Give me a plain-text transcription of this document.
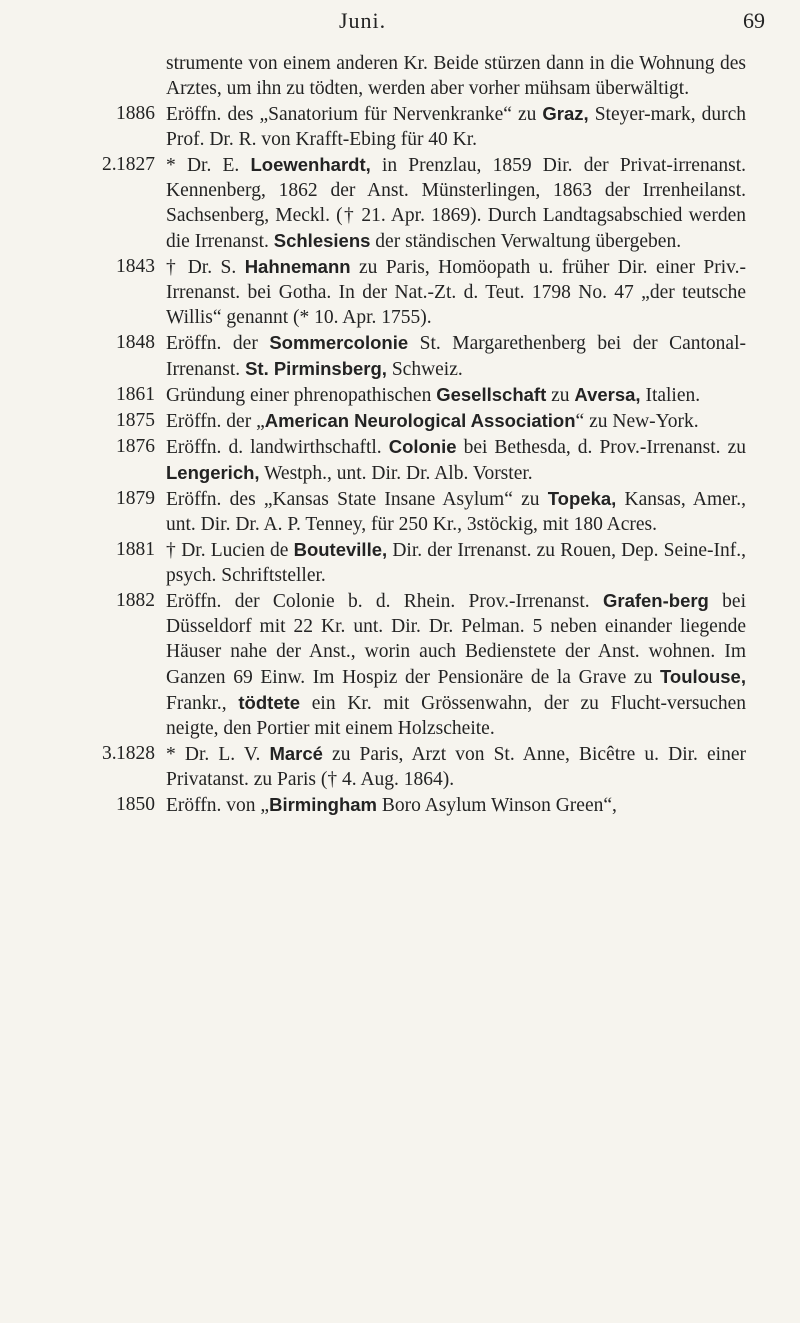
Juni.	69
strumente von einem anderen Kr. Beide stürzen dann in die Wohnung des Arztes, um ihn zu tödten, werden aber vorher mühsam überwältigt.
1886 Eröffn. des „Sanatorium für Nervenkranke“ zu Graz, Steyer-mark, durch Prof. Dr. R. von Krafft-Ebing für 40 Kr.
2. 1827 * Dr. E. Loewenhardt, in Prenzlau, 1859 Dir. der Privat-irrenanst. Kennenberg, 1862 der Anst. Münsterlingen, 1863 der Irrenheilanst. Sachsenberg, Meckl. († 21. Apr. 1869). Durch Landtagsabschied werden die Irrenanst. Schlesiens der ständischen Verwaltung übergeben.
1843 † Dr. S. Hahnemann zu Paris, Homöopath u. früher Dir. einer Priv.-Irrenanst. bei Gotha. In der Nat.-Zt. d. Teut. 1798 No. 47 „der teutsche Willis“ genannt (* 10. Apr. 1755).
1848 Eröffn. der Sommercolonie St. Margarethenberg bei der Cantonal-Irrenanst. St. Pirminsberg, Schweiz.
1861 Gründung einer phrenopathischen Gesellschaft zu Aversa, Italien.
1875 Eröffn. der „American Neurological Association“ zu New-York.
1876 Eröffn. d. landwirthschaftl. Colonie bei Bethesda, d. Prov.-Irrenanst. zu Lengerich, Westph., unt. Dir. Dr. Alb. Vorster.
1879 Eröffn. des „Kansas State Insane Asylum“ zu Topeka, Kansas, Amer., unt. Dir. Dr. A. P. Tenney, für 250 Kr., 3stöckig, mit 180 Acres.
1881 † Dr. Lucien de Bouteville, Dir. der Irrenanst. zu Rouen, Dep. Seine-Inf., psych. Schriftsteller.
1882 Eröffn. der Colonie b. d. Rhein. Prov.-Irrenanst. Grafen-berg bei Düsseldorf mit 22 Kr. unt. Dir. Dr. Pelman. 5 neben einander liegende Häuser nahe der Anst., worin auch Bedienstete der Anst. wohnen. Im Ganzen 69 Einw. Im Hospiz der Pensionäre de la Grave zu Toulouse, Frankr., tödtete ein Kr. mit Grössenwahn, der zu Flucht-versuchen neigte, den Portier mit einem Holzscheite.
3. 1828 * Dr. L. V. Marcé zu Paris, Arzt von St. Anne, Bicêtre u. Dir. einer Privatanst. zu Paris († 4. Aug. 1864).
1850 Eröffn. von „Birmingham Boro Asylum Winson Green“,
